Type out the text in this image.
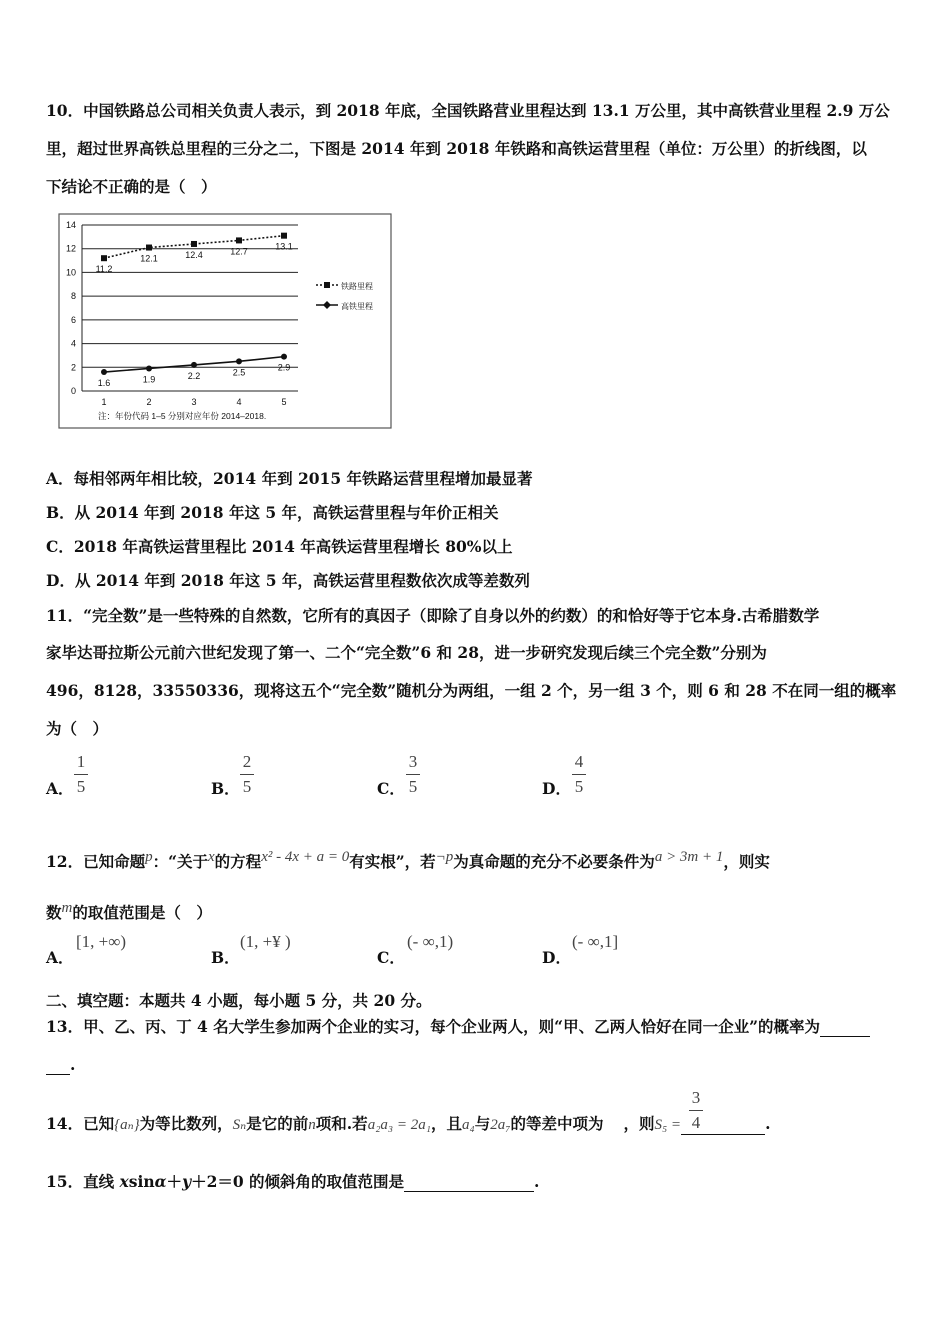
10．中国铁路总公司相关负责人表示，到 2018 年底，全国铁路营业里程达到 13.1 万公里，其中高铁营业里程 2.9 万公
里，超过世界高铁总里程的三分之二，下图是 2014 年到 2018 年铁路和高铁运营里程（单位：万公里）的折线图，以
下结论不正确的是（　）
0
2
4
6
8
10
12
14
1	2	3	4	5
11.2
12.1	12.4	12.7	13.1
1.6	1.9	2.2	2.5	2.9
铁路里程
高铁里程
注：年份代码 1–5 分别对应年份 2014–2018.
A．每相邻两年相比较，2014 年到 2015 年铁路运营里程增加最显著
B．从 2014 年到 2018 年这 5 年，高铁运营里程与年价正相关
C．2018 年高铁运营里程比 2014 年高铁运营里程增长 80%以上
D．从 2014 年到 2018 年这 5 年，高铁运营里程数依次成等差数列
11．“完全数”是一些特殊的自然数，它所有的真因子（即除了自身以外的约数）的和恰好等于它本身.古希腊数学
家毕达哥拉斯公元前六世纪发现了第一、二个“完全数”6 和 28，进一步研究发现后续三个完全数”分别为
496，8128，33550336，现将这五个“完全数”随机分为两组，一组 2 个，另一组 3 个，则 6 和 28 不在同一组的概率
为（　）
A．
1
5	B．
2
5	C．
3
5	D．
4
5
12．已知命题$^p$：“关于$^x$的方程$^{x^2 - 4x + a = 0}$有实根”，若$^{\neg p}$为真命题的充分不必要条件为$^{a > 3m + 1}$，则实
数$^m$的取值范围是（　）
A．
[1, +∞)
B．
(1, +¥ )
C．
(- ∞,1)
D．
(- ∞,1]
二、填空题：本题共 4 小题，每小题 5 分，共 20 分。
13．甲、乙、丙、丁 4 名大学生参加两个企业的实习，每个企业两人，则“甲、乙两人恰好在同一企业”的概率为
.
14．已知{aₙ}为等比数列，Sₙ是它的前n项和.若a₂a₃ = 2a₁，且a₄与2a₇的等差中项为 ，则S₅ =	.
3
4
15．直线 xsinα＋y＋2＝0 的倾斜角的取值范围是	.
